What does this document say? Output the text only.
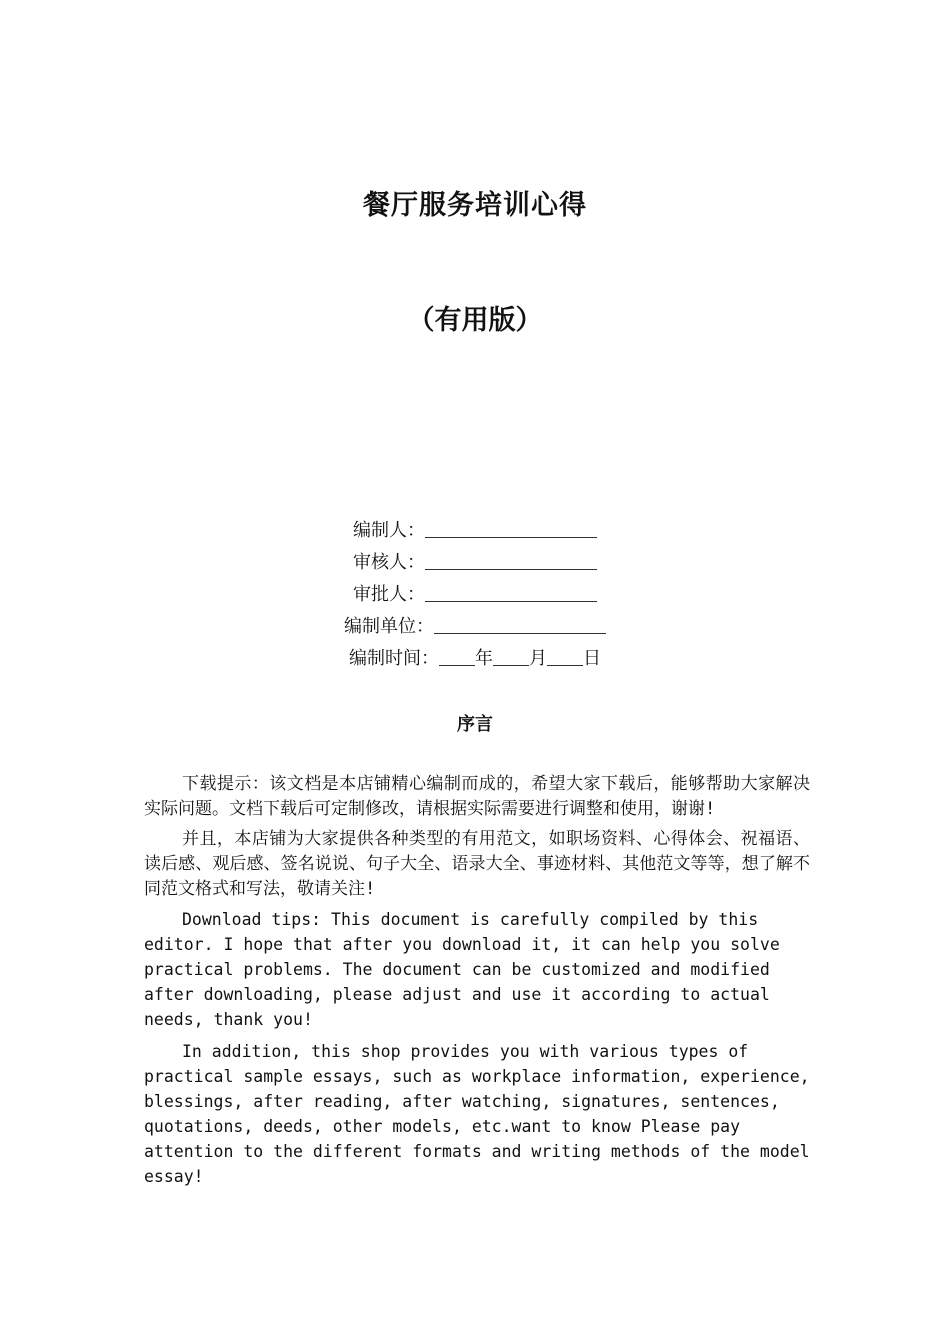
餐厅服务培训心得
（有用版）
编制人：
审核人：
审批人：
编制单位：
编制时间： 年 月 日
序言

下载提示：该文档是本店铺精心编制而成的，希望大家下载后，能够帮助大家解决实际问题。文档下载后可定制修改，请根据实际需要进行调整和使用，谢谢!

并且，本店铺为大家提供各种类型的有用范文，如职场资料、心得体会、祝福语、读后感、观后感、签名说说、句子大全、语录大全、事迹材料、其他范文等等，想了解不同范文格式和写法，敬请关注!

Download tips: This document is carefully compiled by this editor. I hope that after you download it, it can help you solve practical problems. The document can be customized and modified after downloading, please adjust and use it according to actual needs, thank you!

In addition, this shop provides you with various types of practical sample essays, such as workplace information, experience, blessings, after reading, after watching, signatures, sentences, quotations, deeds, other models, etc.want to know Please pay attention to the different formats and writing methods of the model essay!
